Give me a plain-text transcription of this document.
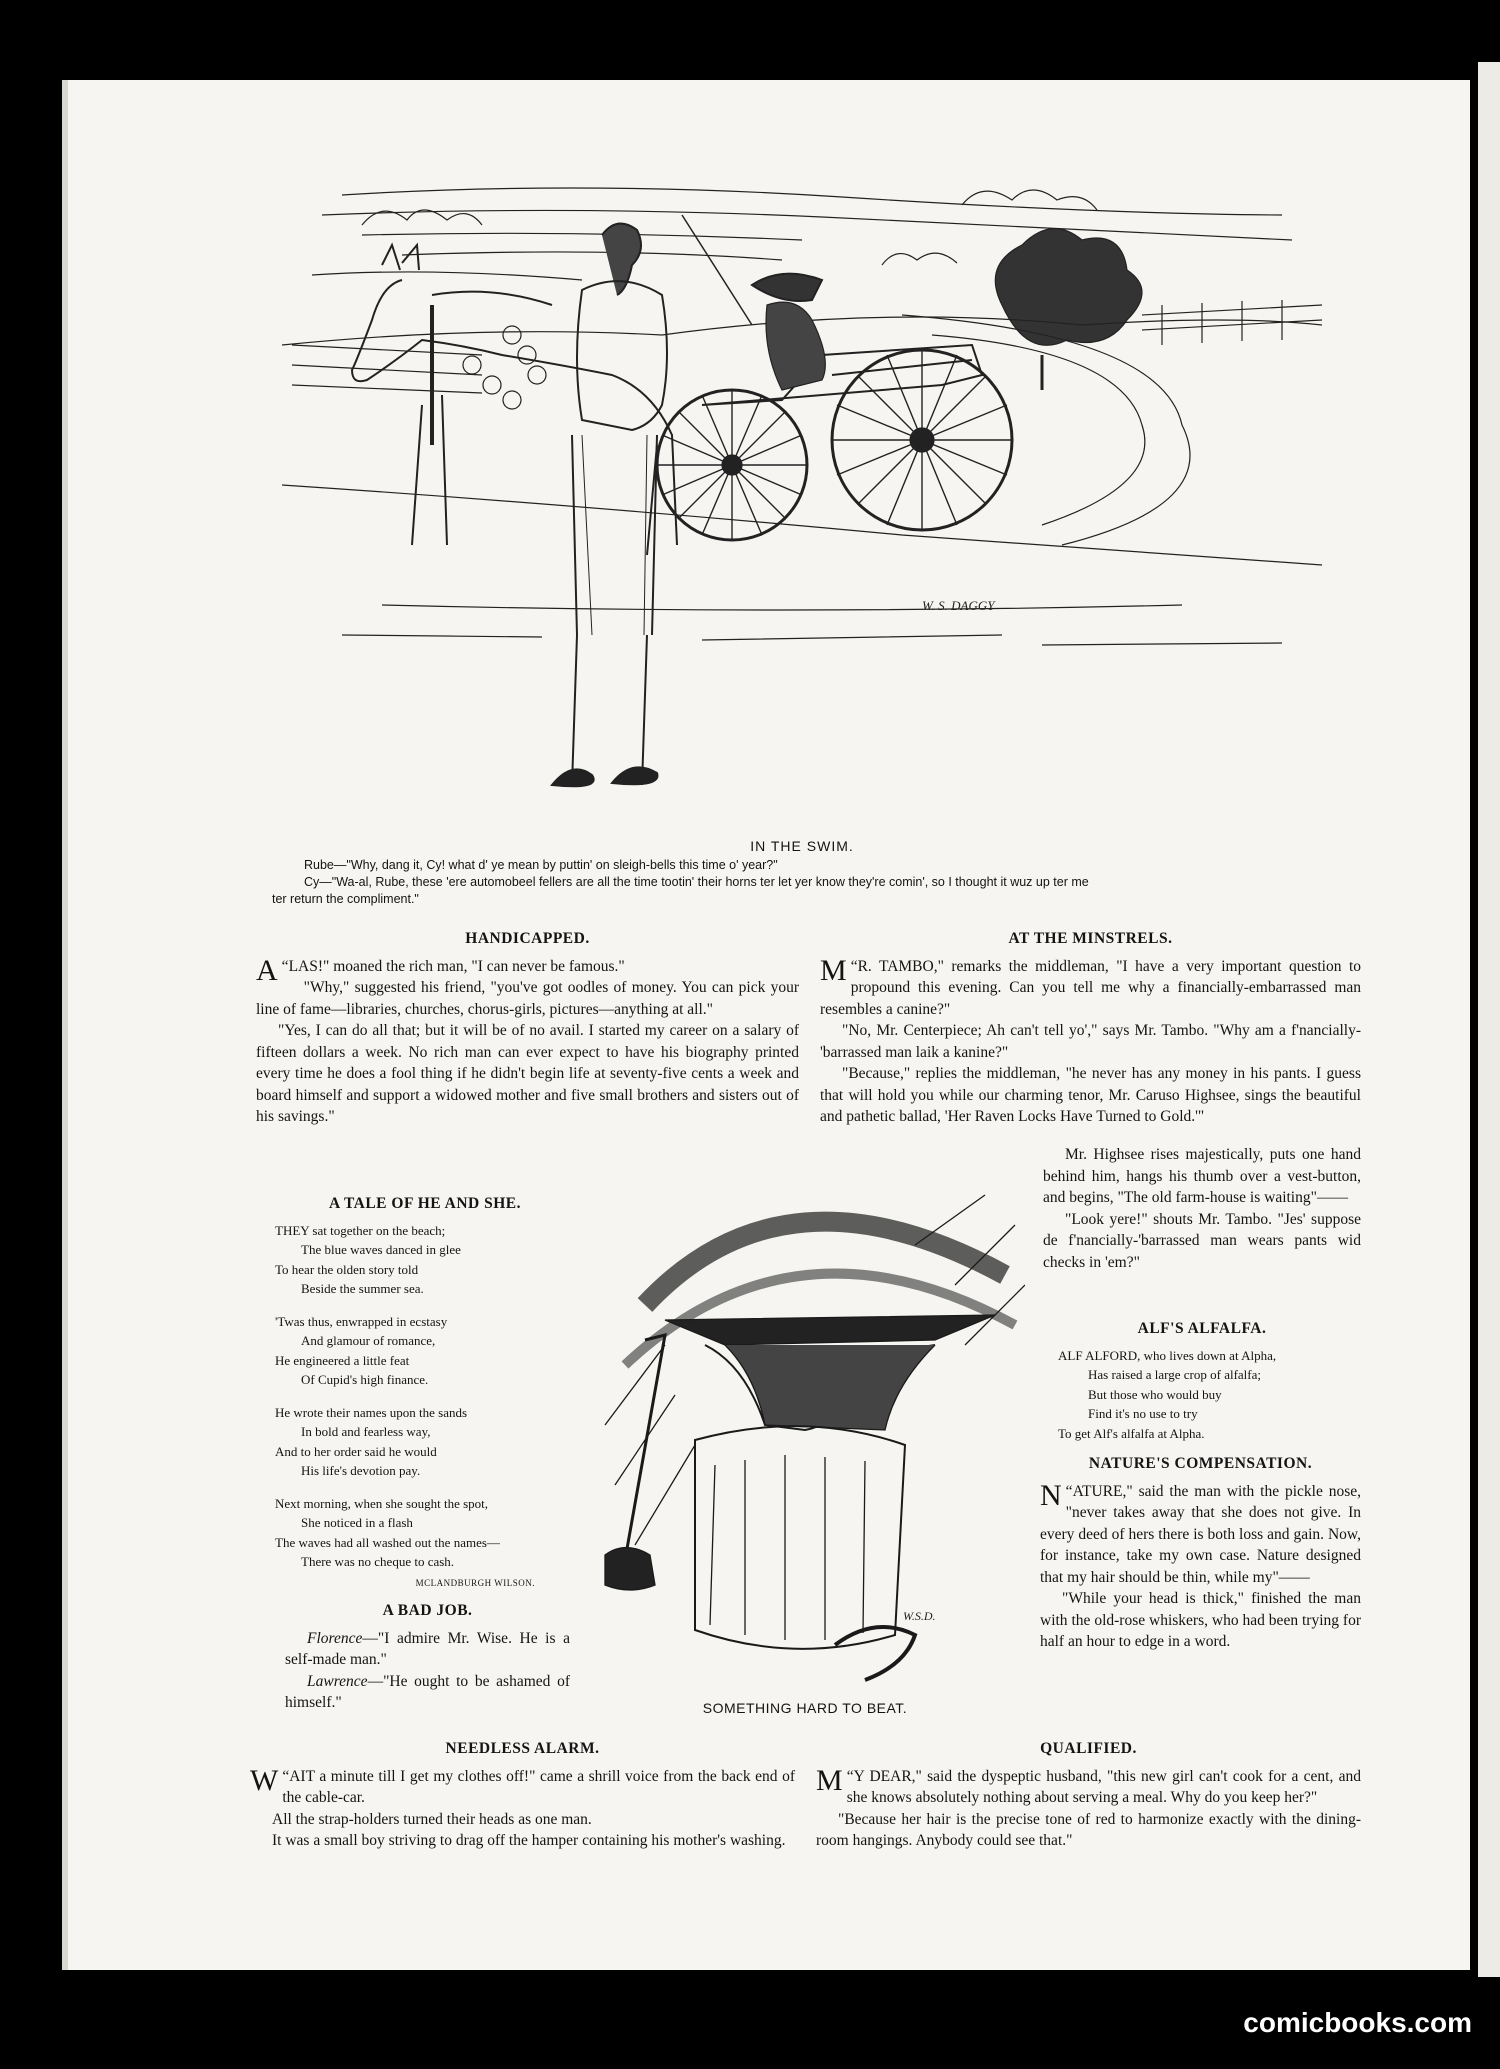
W. S. DAGGY
IN THE SWIM.

Rube—"Why, dang it, Cy! what d' ye mean by puttin' on sleigh-bells this time o' year?"

Cy—"Wa-al, Rube, these 'ere automobeel fellers are all the time tootin' their horns ter let yer know they're comin', so I thought it wuz up ter me

ter return the compliment."

HANDICAPPED.

“
A LAS!" moaned the rich man, "I can never be famous."

"Why," suggested his friend, "you've got oodles of money. You can pick your line of fame—libraries, churches, chorus-girls, pictures—anything at all."

"Yes, I can do all that; but it will be of no avail. I started my career on a salary of fifteen dollars a week. No rich man can ever expect to have his biography printed every time he does a fool thing if he didn't begin life at seventy-five cents a week and board himself and support a widowed mother and five small brothers and sisters out of his savings."

A TALE OF HE AND SHE.
THEY sat together on the beach;
The blue waves danced in glee
To hear the olden story told
Beside the summer sea.
'Twas thus, enwrapped in ecstasy
And glamour of romance,
He engineered a little feat
Of Cupid's high finance.
He wrote their names upon the sands
In bold and fearless way,
And to her order said he would
His life's devotion pay.
Next morning, when she sought the spot,
She noticed in a flash
The waves had all washed out the names—
There was no cheque to cash.
MCLANDBURGH WILSON.
A BAD JOB.

Florence—"I admire Mr. Wise. He is a self-made man."

Lawrence—"He ought to be ashamed of himself."

W.S.D.
SOMETHING HARD TO BEAT.
AT THE MINSTRELS.

“
M R. TAMBO," remarks the middleman, "I have a very important question to propound this evening. Can you tell me why a financially-embarrassed man resembles a canine?"

"No, Mr. Centerpiece; Ah can't tell yo'," says Mr. Tambo. "Why am a f'nancially-'barrassed man laik a kanine?"

"Because," replies the middleman, "he never has any money in his pants. I guess that will hold you while our charming tenor, Mr. Caruso Highsee, sings the beautiful and pathetic ballad, 'Her Raven Locks Have Turned to Gold.'"

Mr. Highsee rises majestically, puts one hand behind him, hangs his thumb over a vest-button, and begins, "The old farm-house is waiting"——

"Look yere!" shouts Mr. Tambo. "Jes' suppose de f'nancially-'barrassed man wears pants wid checks in 'em?"

ALF'S ALFALFA.
ALF ALFORD, who lives down at Alpha,
Has raised a large crop of alfalfa;
But those who would buy
Find it's no use to try
To get Alf's alfalfa at Alpha.
NATURE'S COMPENSATION.

“
N ATURE," said the man with the pickle nose, "never takes away that she does not give. In every deed of hers there is both loss and gain. Now, for instance, take my own case. Nature designed that my hair should be thin, while my"——

"While your head is thick," finished the man with the old-rose whiskers, who had been trying for half an hour to edge in a word.

NEEDLESS ALARM.

“
W AIT a minute till I get my clothes off!" came a shrill voice from the back end of the cable-car.

All the strap-holders turned their heads as one man.

It was a small boy striving to drag off the hamper containing his mother's washing.

QUALIFIED.

“
M Y DEAR," said the dyspeptic husband, "this new girl can't cook for a cent, and she knows absolutely nothing about serving a meal. Why do you keep her?"

"Because her hair is the precise tone of red to harmonize exactly with the dining-room hangings. Anybody could see that."

comicbooks.com
